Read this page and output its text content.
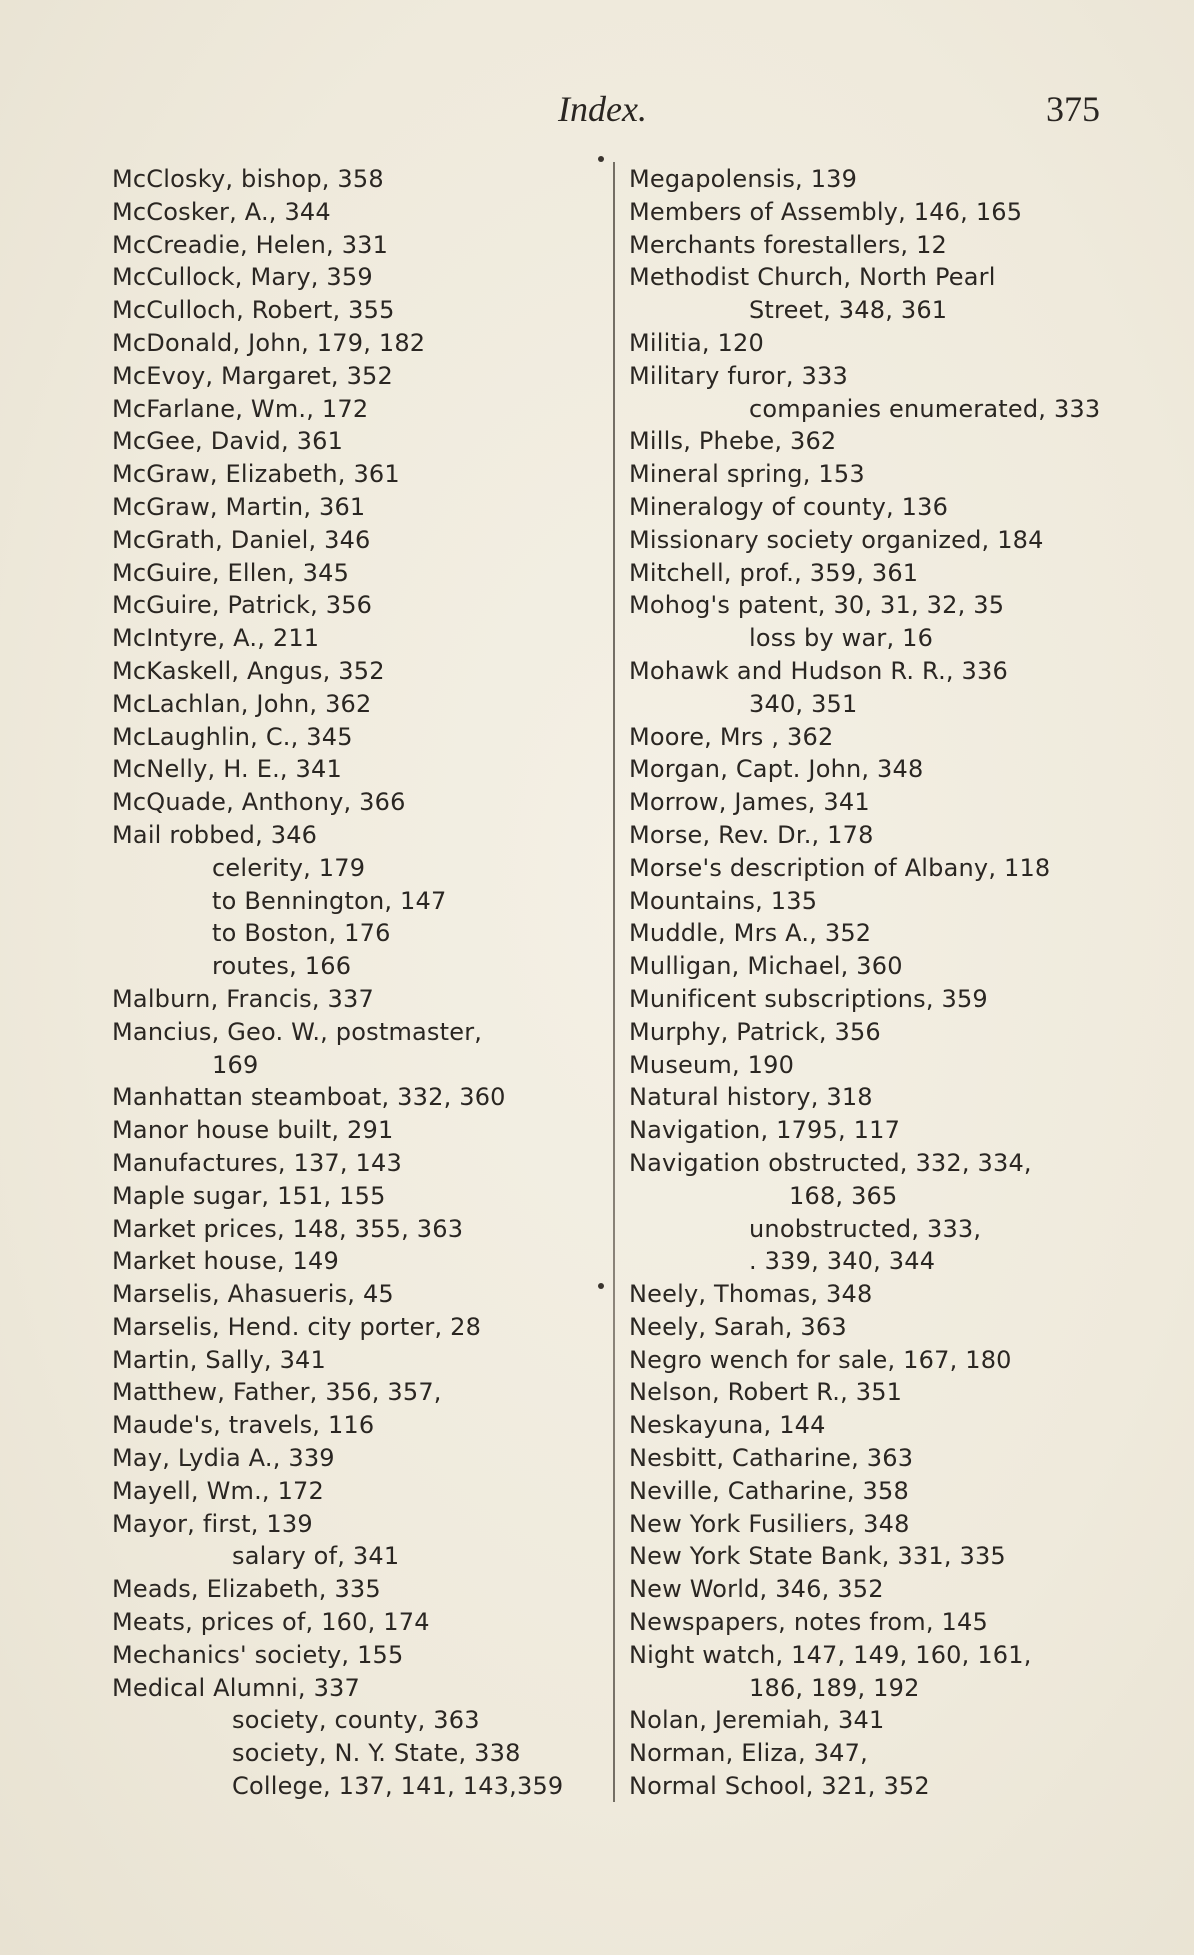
Index.	375
McClosky, bishop, 358
McCosker, A., 344
McCreadie, Helen, 331
McCullock, Mary, 359
McCulloch, Robert, 355
McDonald, John, 179, 182
McEvoy, Margaret, 352
McFarlane, Wm., 172
McGee, David, 361
McGraw, Elizabeth, 361
McGraw, Martin, 361
McGrath, Daniel, 346
McGuire, Ellen, 345
McGuire, Patrick, 356
McIntyre, A., 211
McKaskell, Angus, 352
McLachlan, John, 362
McLaughlin, C., 345
McNelly, H. E., 341
McQuade, Anthony, 366
Mail robbed, 346
celerity, 179
to Bennington, 147
to Boston, 176
routes, 166
Malburn, Francis, 337
Mancius, Geo. W., postmaster,
169
Manhattan steamboat, 332, 360
Manor house built, 291
Manufactures, 137, 143
Maple sugar, 151, 155
Market prices, 148, 355, 363
Market house, 149
Marselis, Ahasueris, 45
Marselis, Hend. city porter, 28
Martin, Sally, 341
Matthew, Father, 356, 357,
Maude's, travels, 116
May, Lydia A., 339
Mayell, Wm., 172
Mayor, first, 139
salary of, 341
Meads, Elizabeth, 335
Meats, prices of, 160, 174
Mechanics' society, 155
Medical Alumni, 337
society, county, 363
society, N. Y. State, 338
College, 137, 141, 143,359
Megapolensis, 139
Members of Assembly, 146, 165
Merchants forestallers, 12
Methodist Church, North Pearl
Street, 348, 361
Militia, 120
Military furor, 333
companies enumerated, 333
Mills, Phebe, 362
Mineral spring, 153
Mineralogy of county, 136
Missionary society organized, 184
Mitchell, prof., 359, 361
Mohog's patent, 30, 31, 32, 35
loss by war, 16
Mohawk and Hudson R. R., 336
340, 351
Moore, Mrs , 362
Morgan, Capt. John, 348
Morrow, James, 341
Morse, Rev. Dr., 178
Morse's description of Albany, 118
Mountains, 135
Muddle, Mrs A., 352
Mulligan, Michael, 360
Munificent subscriptions, 359
Murphy, Patrick, 356
Museum, 190
Natural history, 318
Navigation, 1795, 117
Navigation obstructed, 332, 334,
168, 365
unobstructed, 333,
. 339, 340, 344
Neely, Thomas, 348
Neely, Sarah, 363
Negro wench for sale, 167, 180
Nelson, Robert R., 351
Neskayuna, 144
Nesbitt, Catharine, 363
Neville, Catharine, 358
New York Fusiliers, 348
New York State Bank, 331, 335
New World, 346, 352
Newspapers, notes from, 145
Night watch, 147, 149, 160, 161,
186, 189, 192
Nolan, Jeremiah, 341
Norman, Eliza, 347,
Normal School, 321, 352
